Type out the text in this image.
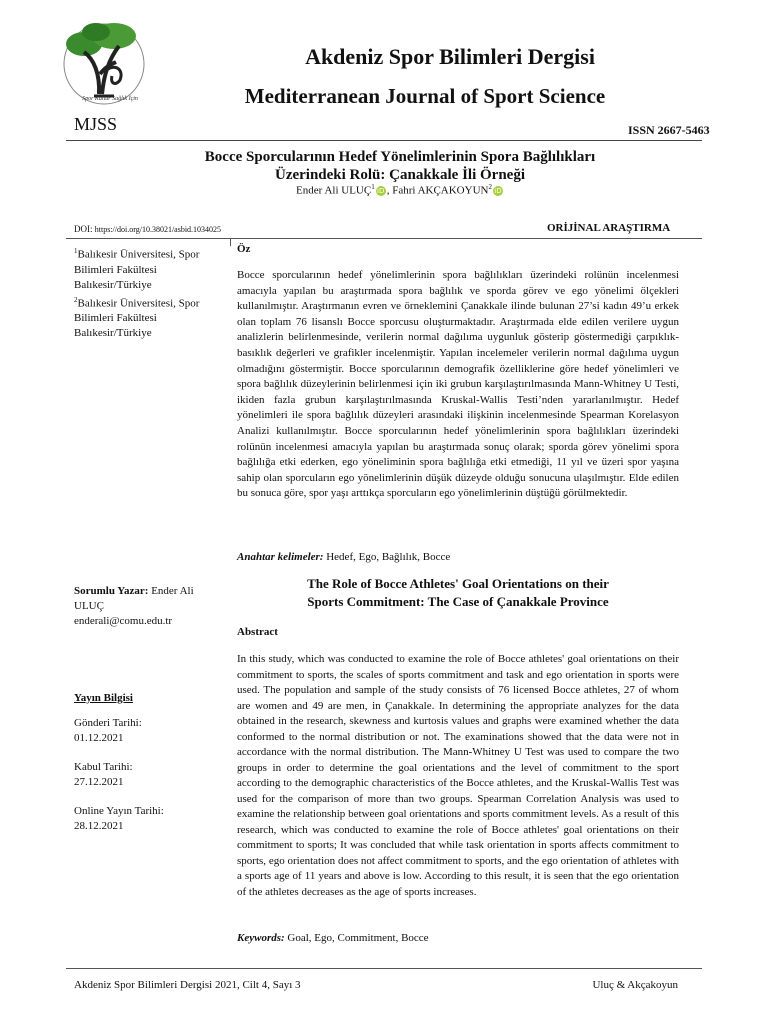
Spor Kültür Sağlık İçin
MJSS
Akdeniz Spor Bilimleri Dergisi
Mediterranean Journal of Sport Science
ISSN 2667-5463
Bocce Sporcularının Hedef Yönelimlerinin Spora Bağlılıkları
Üzerindeki Rolü: Çanakkale İli Örneği
Ender Ali ULUÇ$^1$ iD , Fahri AKÇAKOYUN$^2$ iD
DOI: https://doi.org/10.38021/asbid.1034025	ORİJİNAL ARAŞTIRMA
$^1$Balıkesir Üniversitesi, Spor Bilimleri Fakültesi Balıkesir/Türkiye
$^2$Balıkesir Üniversitesi, Spor Bilimleri Fakültesi Balıkesir/Türkiye
Öz
Bocce sporcularının hedef yönelimlerinin spora bağlılıkları üzerindeki rolünün incelenmesi amacıyla yapılan bu araştırmada spora bağlılık ve sporda görev ve ego yönelimi ölçekleri kullanılmıştır. Araştırmanın evren ve örneklemini Çanakkale ilinde bulunan 27’si kadın 49’u erkek olan toplam 76 lisanslı Bocce sporcusu oluşturmaktadır. Araştırmada elde edilen verilere uygun analizlerin belirlenmesinde, verilerin normal dağılıma uygunluk gösterip göstermediği çarpıklık-basıklık değerleri ve grafikler incelenmiştir. Yapılan incelemeler verilerin normal dağılıma uygun olmadığını göstermiştir. Bocce sporcularının demografik özelliklerine göre hedef yönelimleri ve spora bağlılık düzeylerinin belirlenmesi için iki grubun karşılaştırılmasında Mann-Whitney U Testi, ikiden fazla grubun karşılaştırılmasında Kruskal-Wallis Testi’nden yararlanılmıştır. Hedef yönelimleri ile spora bağlılık düzeyleri arasındaki ilişkinin incelenmesinde Spearman Korelasyon Analizi kullanılmıştır. Bocce sporcularının hedef yönelimlerinin spora bağlılıkları üzerindeki rolünün incelenmesi amacıyla yapılan bu araştırmada sonuç olarak; sporda görev yönelimi spora bağlılığa etki ederken, ego yöneliminin spora bağlılığa etki etmediği, 11 yıl ve üzeri spor yaşına sahip olan sporcuların ego yönelimlerinin düşük düzeyde olduğu sonucuna ulaşılmıştır. Elde edilen bu sonuca göre, spor yaşı arttıkça sporcuların ego yönelimlerinin düştüğü görülmektedir.
Anahtar kelimeler: Hedef, Ego, Bağlılık, Bocce
The Role of Bocce Athletes' Goal Orientations on their
Sports Commitment: The Case of Çanakkale Province
Sorumlu Yazar: Ender Ali ULUÇ
enderali@comu.edu.tr
Abstract
In this study, which was conducted to examine the role of Bocce athletes' goal orientations on their commitment to sports, the scales of sports commitment and task and ego orientation in sports were used. The population and sample of the study consists of 76 licensed Bocce athletes, 27 of whom are women and 49 are men, in Çanakkale. In determining the appropriate analyzes for the data obtained in the research, skewness and kurtosis values and graphs were examined whether the data conformed to the normal distribution or not. The examinations showed that the data were not in accordance with the normal distribution. The Mann-Whitney U Test was used to compare the two groups in order to determine the goal orientations and the level of commitment to the sport according to the demographic characteristics of the Bocce athletes, and the Kruskal-Wallis Test was used for the comparison of more than two groups. Spearman Correlation Analysis was used to examine the relationship between goal orientations and sports commitment levels. As a result of this research, which was conducted to examine the role of Bocce athletes' goal orientations on their commitment to sports; It was concluded that while task orientation in sports affects commitment to sports, ego orientation does not affect commitment to sports, and the ego orientation of athletes with a sports age of 11 years and above is low. According to this result, it is seen that the ego orientation of the athletes decreases as the age of sports increases.
Yayın Bilgisi
Gönderi Tarihi:
01.12.2021
Kabul Tarihi:
27.12.2021
Online Yayın Tarihi:
28.12.2021
Keywords: Goal, Ego, Commitment, Bocce
Akdeniz Spor Bilimleri Dergisi 2021, Cilt 4, Sayı 3	Uluç & Akçakoyun
